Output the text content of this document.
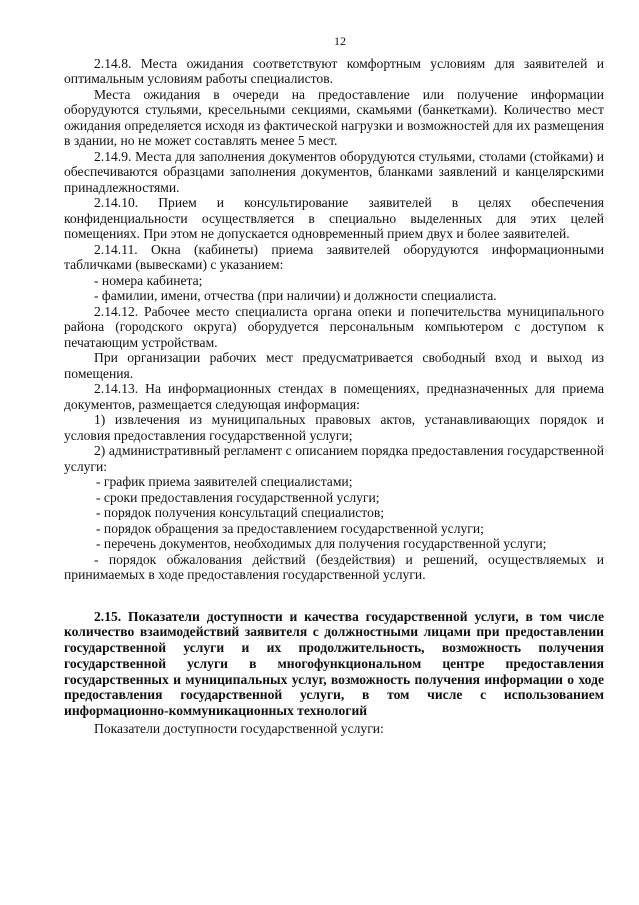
12

2.14.8. Места ожидания соответствуют комфортным условиям для заявителей и оптимальным условиям работы специалистов.

Места ожидания в очереди на предоставление или получение информации оборудуются стульями, кресельными секциями, скамьями (банкетками). Количество мест ожидания определяется исходя из фактической нагрузки и возможностей для их размещения в здании, но не может составлять менее 5 мест.

2.14.9. Места для заполнения документов оборудуются стульями, столами (стойками) и обеспечиваются образцами заполнения документов, бланками заявлений и канцелярскими принадлежностями.

2.14.10. Прием и консультирование заявителей в целях обеспечения конфиденциальности осуществляется в специально выделенных для этих целей помещениях. При этом не допускается одновременный прием двух и более заявителей.

2.14.11. Окна (кабинеты) приема заявителей оборудуются информационными табличками (вывесками) с указанием:

- номера кабинета;

- фамилии, имени, отчества (при наличии) и должности специалиста.

2.14.12. Рабочее место специалиста органа опеки и попечительства муниципального района (городского округа) оборудуется персональным компьютером с доступом к печатающим устройствам.

При организации рабочих мест предусматривается свободный вход и выход из помещения.

2.14.13. На информационных стендах в помещениях, предназначенных для приема документов, размещается следующая информация:

1) извлечения из муниципальных правовых актов, устанавливающих порядок и условия предоставления государственной услуги;

2) административный регламент с описанием порядка предоставления государственной услуги:

- график приема заявителей специалистами;

- сроки предоставления государственной услуги;

- порядок получения консультаций специалистов;

- порядок обращения за предоставлением государственной услуги;

- перечень документов, необходимых для получения государственной услуги;

- порядок обжалования действий (бездействия) и решений, осуществляемых и принимаемых в ходе предоставления государственной услуги.

2.15. Показатели доступности и качества государственной услуги, в том числе количество взаимодействий заявителя с должностными лицами при предоставлении государственной услуги и их продолжительность, возможность получения государственной услуги в многофункциональном центре предоставления государственных и муниципальных услуг, возможность получения информации о ходе предоставления государственной услуги, в том числе с использованием информационно-коммуникационных технологий

Показатели доступности государственной услуги:
